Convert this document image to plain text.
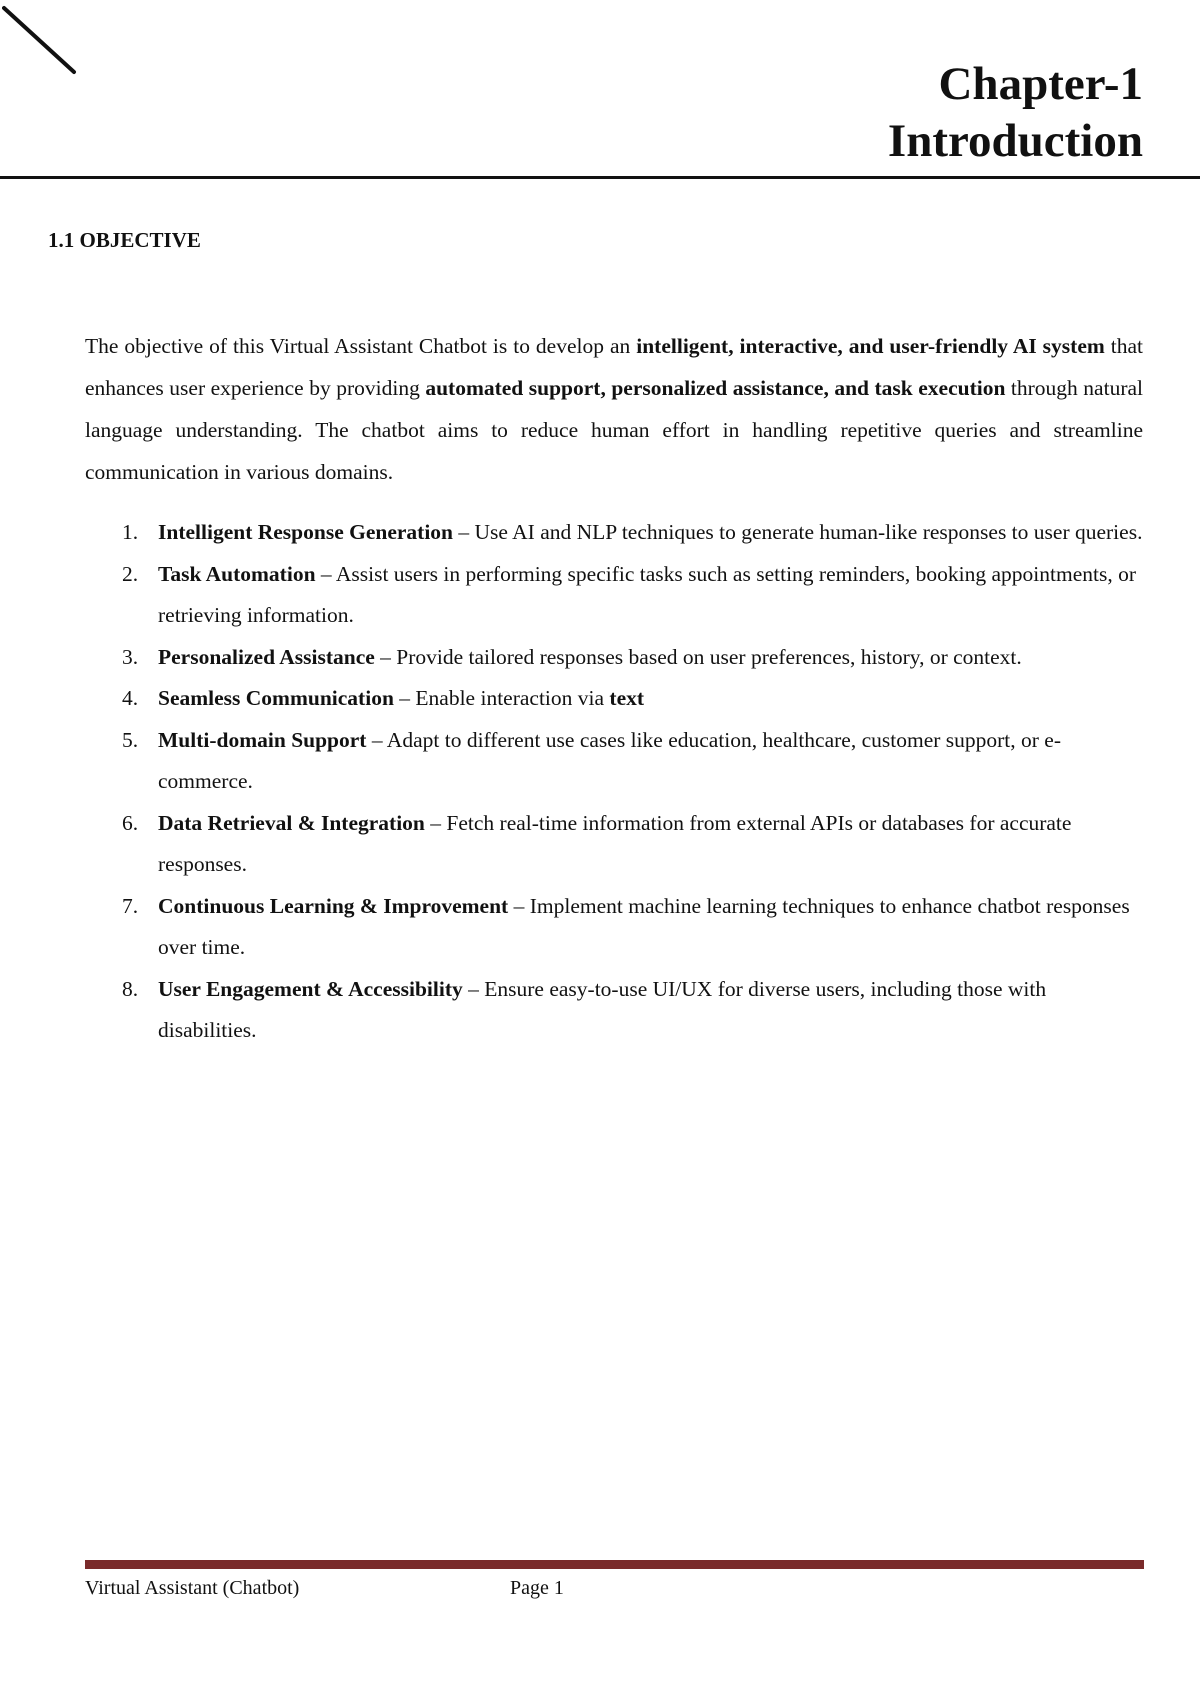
Chapter-1
Introduction
1.1 OBJECTIVE

The objective of this Virtual Assistant Chatbot is to develop an intelligent, interactive, and user-friendly AI system that enhances user experience by providing automated support, personalized assistance, and task execution through natural language understanding. The chatbot aims to reduce human effort in handling repetitive queries and streamline communication in various domains.

1. Intelligent Response Generation – Use AI and NLP techniques to generate human-like responses to user queries.
2. Task Automation – Assist users in performing specific tasks such as setting reminders, booking appointments, or retrieving information.
3. Personalized Assistance – Provide tailored responses based on user preferences, history, or context.
4. Seamless Communication – Enable interaction via text
5. Multi-domain Support – Adapt to different use cases like education, healthcare, customer support, or e-commerce.
6. Data Retrieval & Integration – Fetch real-time information from external APIs or databases for accurate responses.
7. Continuous Learning & Improvement – Implement machine learning techniques to enhance chatbot responses over time.
8. User Engagement & Accessibility – Ensure easy-to-use UI/UX for diverse users, including those with disabilities.
Virtual Assistant (Chatbot)	Page 1
